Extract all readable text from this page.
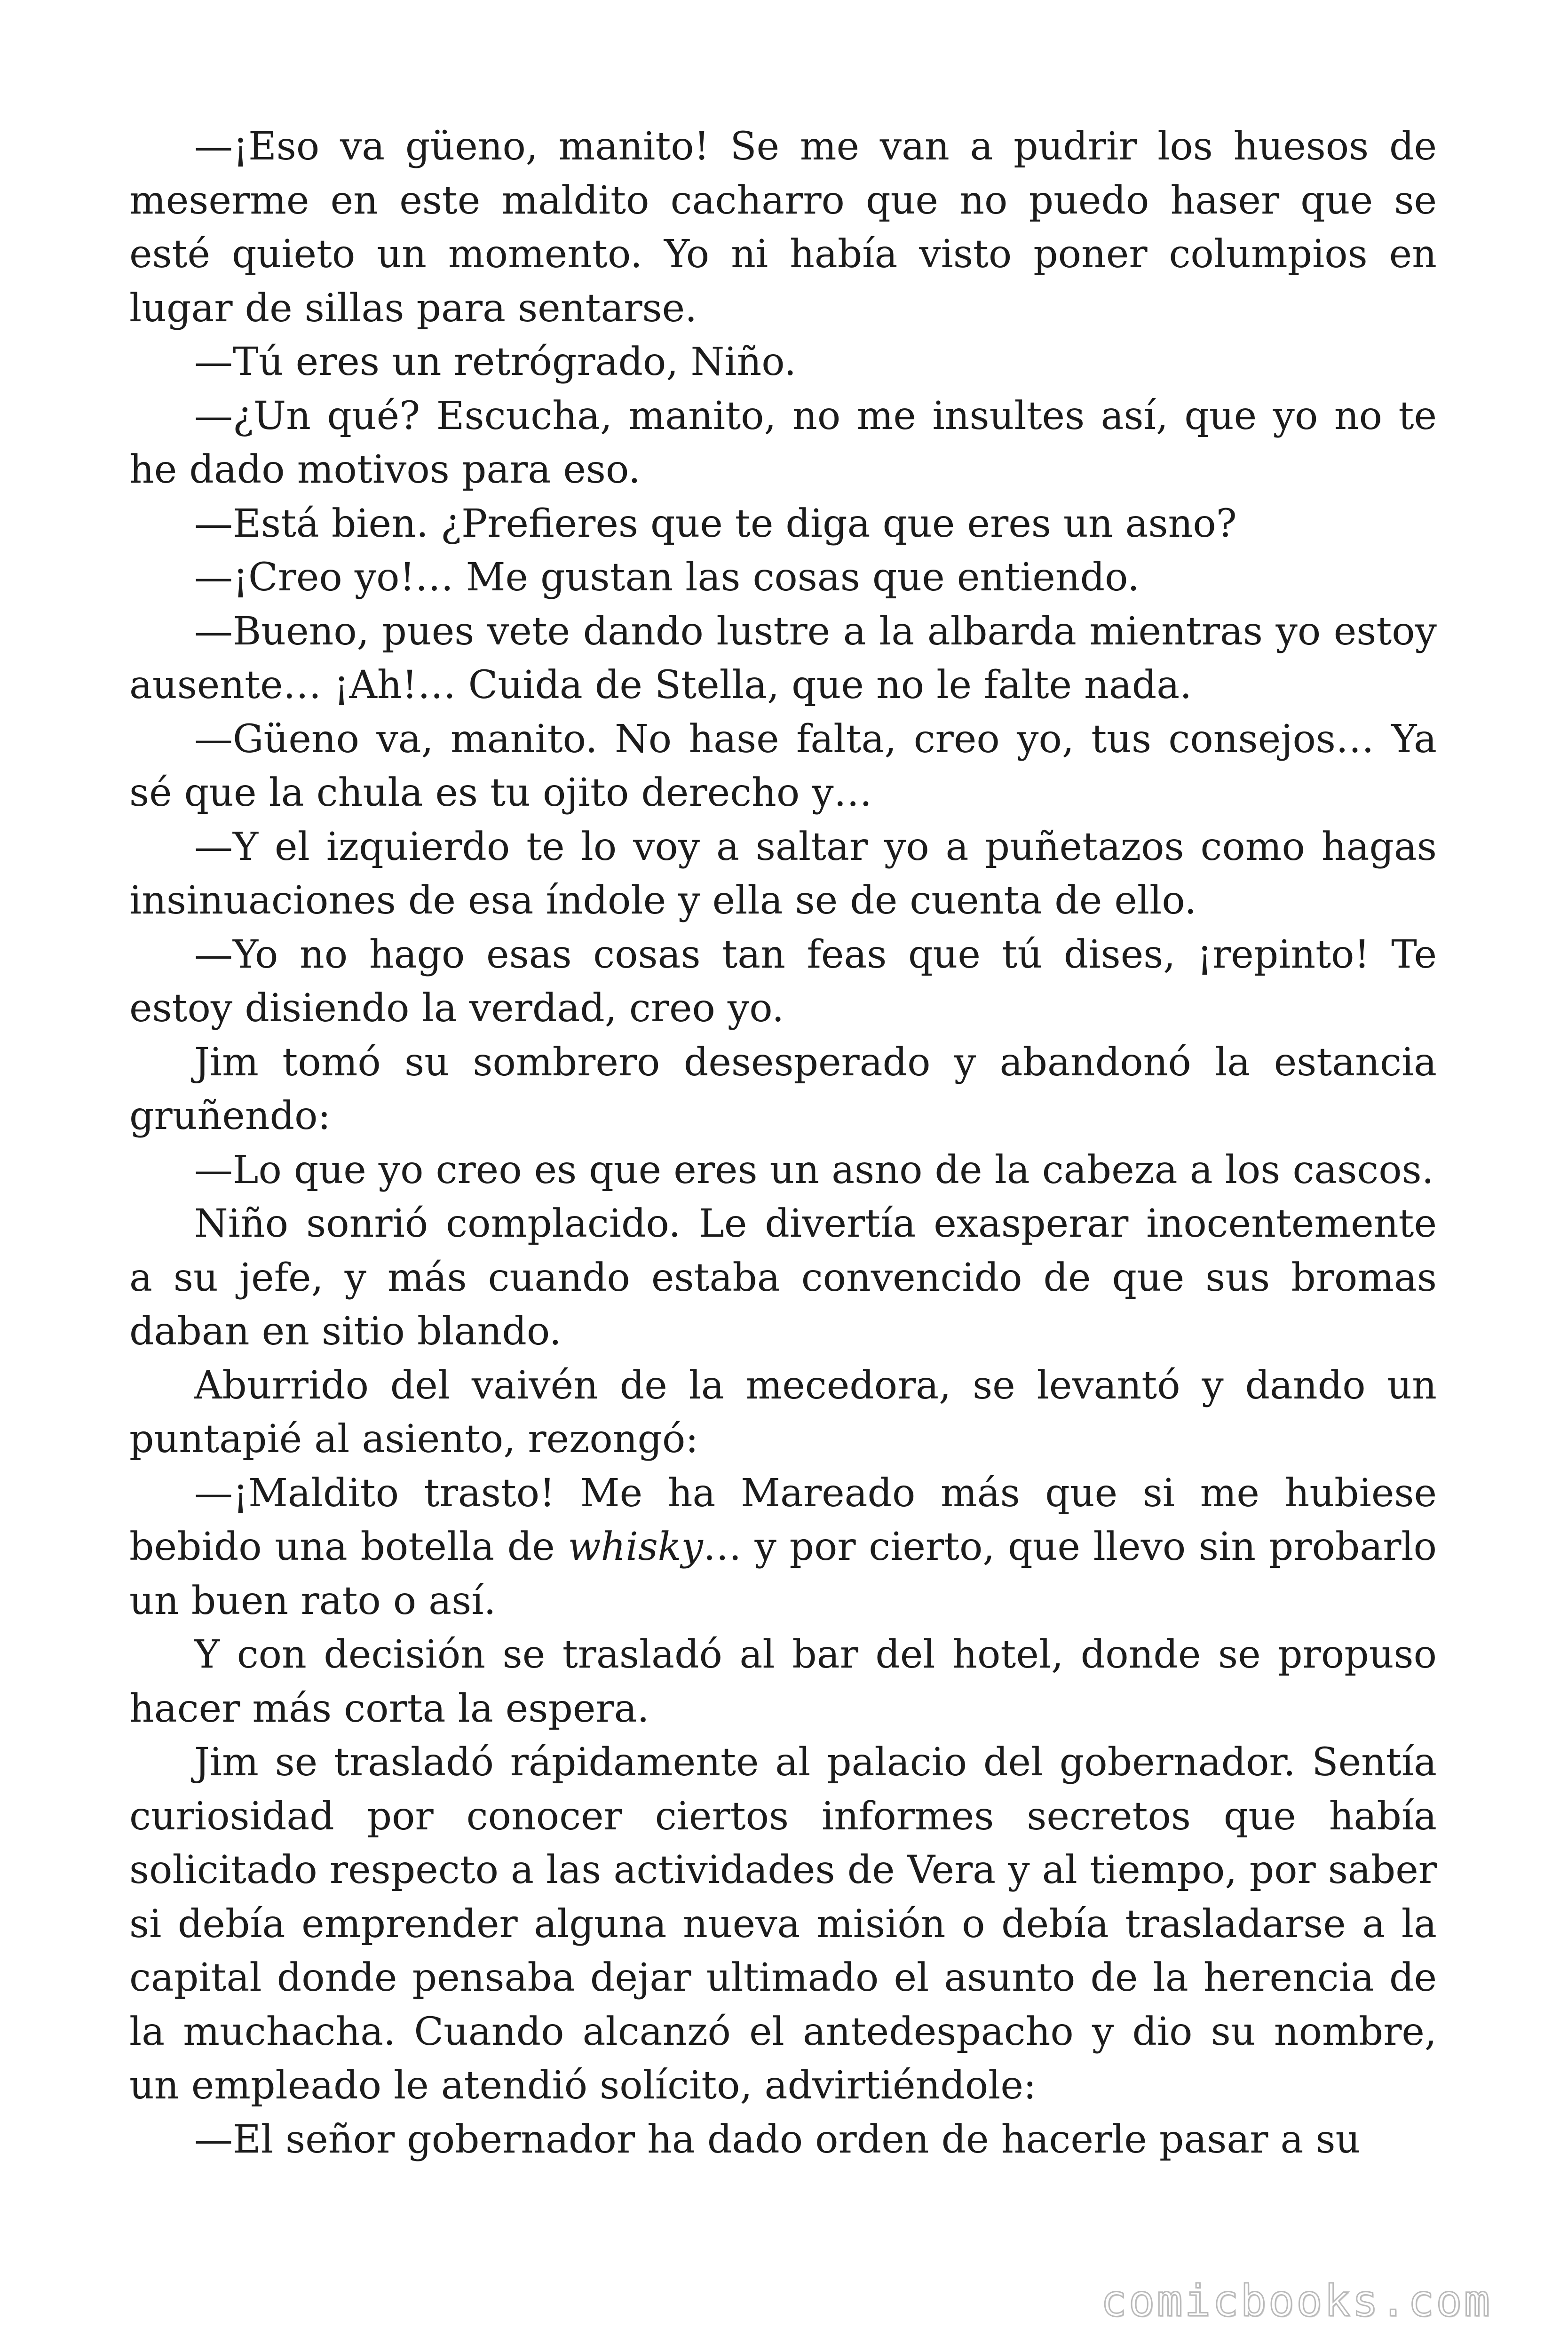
—¡Eso va güeno, manito! Se me van a pudrir los huesos de meserme en este maldito cacharro que no puedo haser que se esté quieto un momento. Yo ni había visto poner columpios en lugar de sillas para sentarse.

—Tú eres un retrógrado, Niño.

—¿Un qué? Escucha, manito, no me insultes así, que yo no te he dado motivos para eso.

—Está bien. ¿Prefieres que te diga que eres un asno?

—¡Creo yo!… Me gustan las cosas que entiendo.

—Bueno, pues vete dando lustre a la albarda mientras yo estoy ausente… ¡Ah!… Cuida de Stella, que no le falte nada.

—Güeno va, manito. No hase falta, creo yo, tus consejos… Ya sé que la chula es tu ojito derecho y…

—Y el izquierdo te lo voy a saltar yo a puñetazos como hagas insinuaciones de esa índole y ella se de cuenta de ello.

—Yo no hago esas cosas tan feas que tú dises, ¡repinto! Te estoy disiendo la verdad, creo yo.

Jim tomó su sombrero desesperado y abandonó la estancia gruñendo:

—Lo que yo creo es que eres un asno de la cabeza a los cascos.

Niño sonrió complacido. Le divertía exasperar inocentemente a su jefe, y más cuando estaba convencido de que sus bromas daban en sitio blando.

Aburrido del vaivén de la mecedora, se levantó y dando un puntapié al asiento, rezongó:

—¡Maldito trasto! Me ha Mareado más que si me hubiese bebido una botella de whisky… y por cierto, que llevo sin probarlo un buen rato o así.

Y con decisión se trasladó al bar del hotel, donde se propuso hacer más corta la espera.

Jim se trasladó rápidamente al palacio del gobernador. Sentía curiosidad por conocer ciertos informes secretos que había solicitado respecto a las actividades de Vera y al tiempo, por saber si debía emprender alguna nueva misión o debía trasladarse a la capital donde pensaba dejar ultimado el asunto de la herencia de la muchacha. Cuando alcanzó el antedespacho y dio su nombre, un empleado le atendió solícito, advirtiéndole:

—El señor gobernador ha dado orden de hacerle pasar a su

comicbooks.com
